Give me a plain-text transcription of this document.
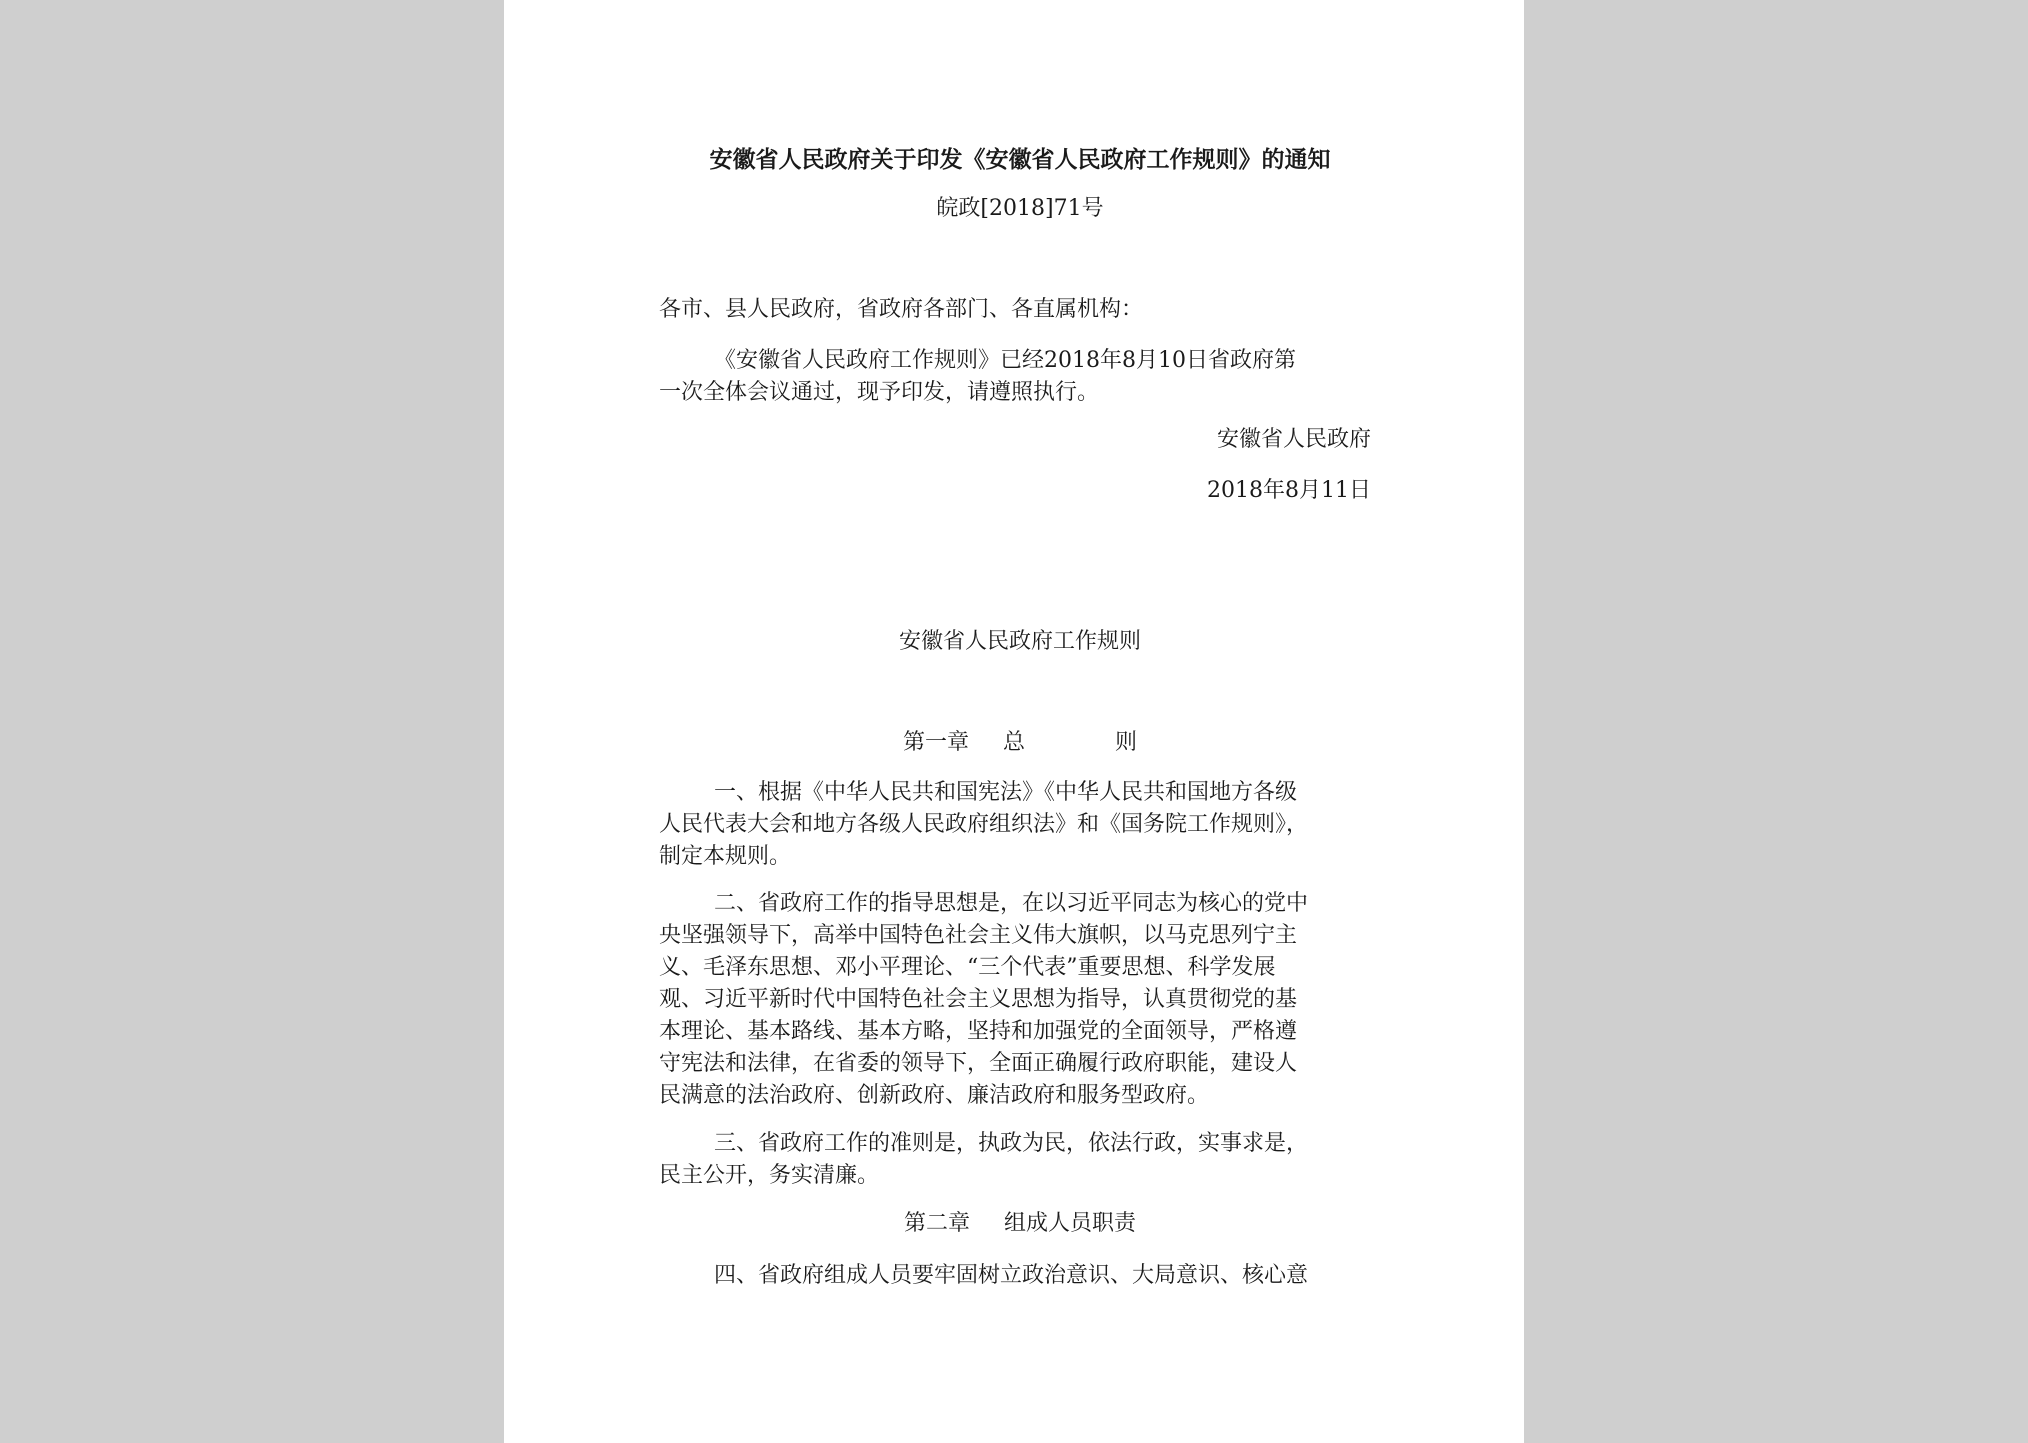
安徽省人民政府关于印发《安徽省人民政府工作规则》的通知
皖政[2018]71号
各市、县人民政府，省政府各部门、各直属机构：
《安徽省人民政府工作规则》已经2018年8月10日省政府第
一次全体会议通过，现予印发，请遵照执行。
安徽省人民政府
2018年8月11日
安徽省人民政府工作规则
第一章 总	则
一、根据《中华人民共和国宪法》《中华人民共和国地方各级
人民代表大会和地方各级人民政府组织法》和《国务院工作规则》，
制定本规则。
二、省政府工作的指导思想是，在以习近平同志为核心的党中
央坚强领导下，高举中国特色社会主义伟大旗帜，以马克思列宁主
义、毛泽东思想、邓小平理论、“三个代表”重要思想、科学发展
观、习近平新时代中国特色社会主义思想为指导，认真贯彻党的基
本理论、基本路线、基本方略，坚持和加强党的全面领导，严格遵
守宪法和法律，在省委的领导下，全面正确履行政府职能，建设人
民满意的法治政府、创新政府、廉洁政府和服务型政府。
三、省政府工作的准则是，执政为民，依法行政，实事求是，
民主公开，务实清廉。
第二章 组成人员职责
四、省政府组成人员要牢固树立政治意识、大局意识、核心意
